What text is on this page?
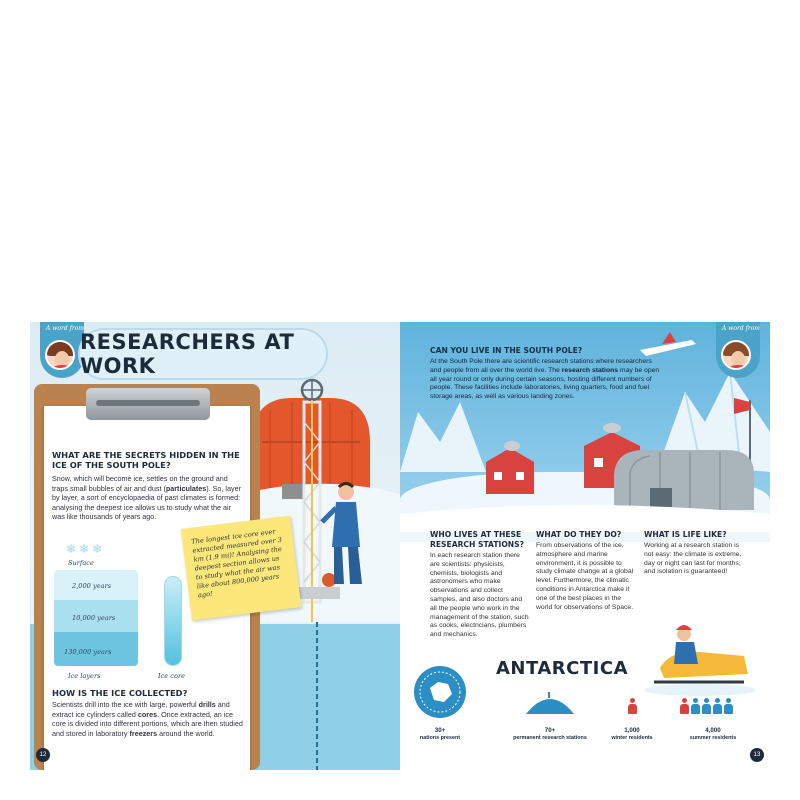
A word from
RESEARCHERS AT WORK
WHAT ARE THE SECRETS HIDDEN IN THE ICE OF THE SOUTH POLE?
Snow, which will become ice, settles on the ground and traps small bubbles of air and dust (particulates). So, layer by layer, a sort of encyclopaedia of past climates is formed: analysing the deepest ice allows us to study what the air was like thousands of years ago.
❄❄❄
Surface
2,000 years
10,000 years
130,000 years
Ice layers	Ice core
HOW IS THE ICE COLLECTED?
Scientists drill into the ice with large, powerful drills and extract ice cylinders called cores. Once extracted, an ice core is divided into different portions, which are then studied and stored in laboratory freezers around the world.

The longest ice core ever extracted measured over 3 km (1.9 mi)! Analysing the deepest section allows us to study what the air was like about 800,000 years ago!

12
A word from
CAN YOU LIVE IN THE SOUTH POLE?
At the South Pole there are scientific research stations where researchers and people from all over the world live. The research stations may be open all year round or only during certain seasons, hosting different numbers of people. These facilities include laboratories, living quarters, food and fuel storage areas, as well as various landing zones.
WHO LIVES AT THESE RESEARCH STATIONS?
In each research station there are scientists: physicists, chemists, biologists and astronomers who make observations and collect samples, and also doctors and all the people who work in the management of the station, such as cooks, electricians, plumbers and mechanics.
WHAT DO THEY DO?
From observations of the ice, atmosphere and marine environment, it is possible to study climate change at a global level. Furthermore, the climatic conditions in Antarctica make it one of the best places in the world for observations of Space.
WHAT IS LIFE LIKE?
Working at a research station is not easy: the climate is extreme, day or night can last for months, and isolation is guaranteed!
ANTARCTICA
30+
nations present
70+
permanent research stations
1,000
winter residents
4,000
summer residents
13
